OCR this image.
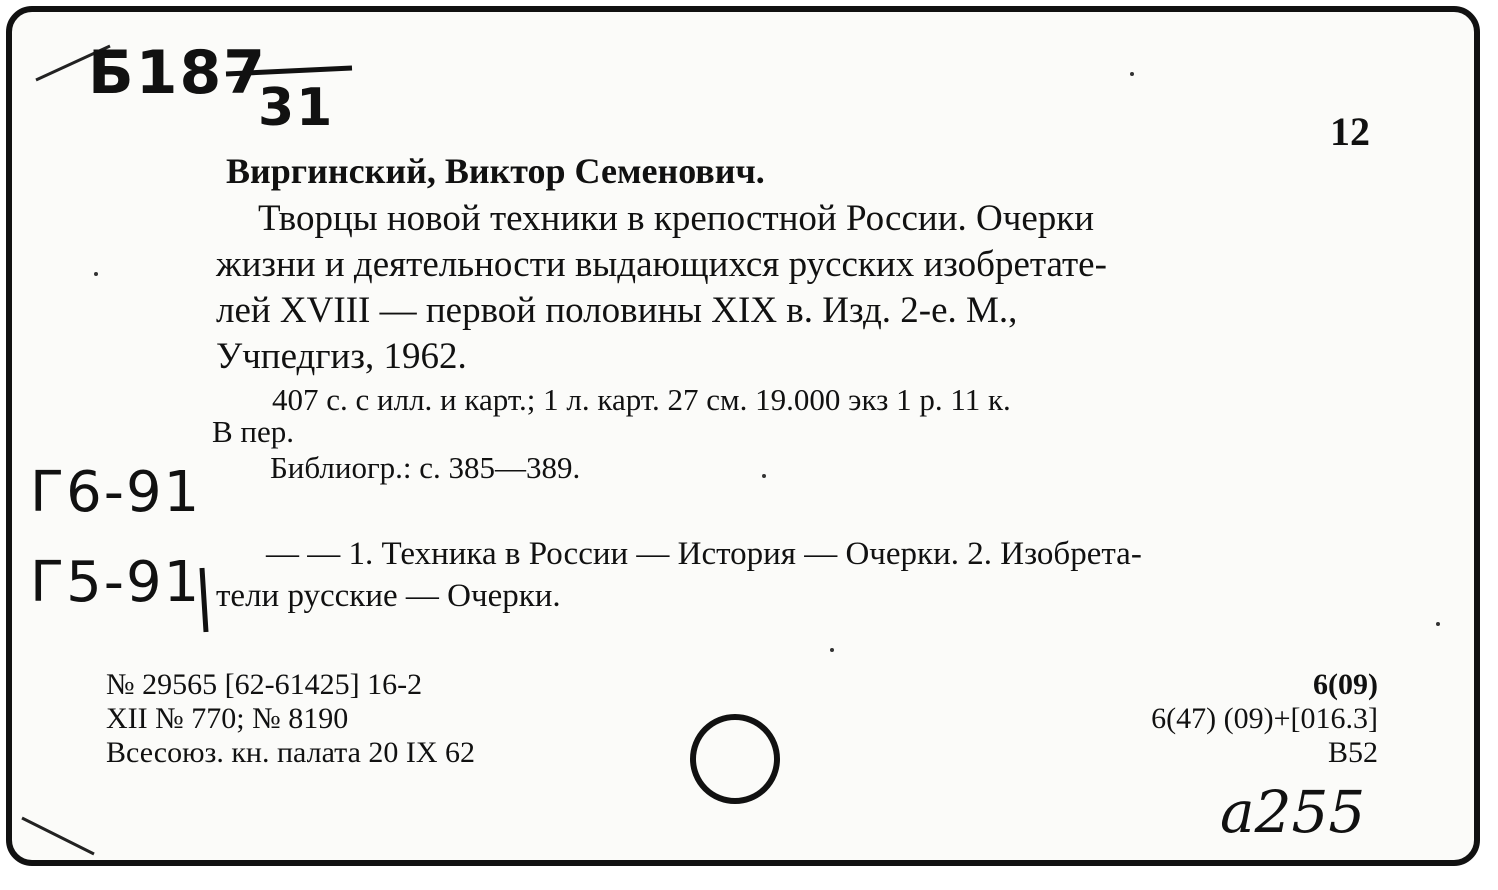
Б187
31	12
Виргинский, Виктор Семенович.
Творцы новой техники в крепостной России. Очерки
жизни и деятельности выдающихся русских изобретате-
лей XVIII — первой половины XIX в. Изд. 2-е. М.,
Учпедгиз, 1962.
407 с. с илл. и карт.; 1 л. карт. 27 см. 19.000 экз 1 р. 11 к.
В пер.
Библиогр.: с. 385—389.
Г6-91
Г5-91 — — 1. Техника в России — История — Очерки. 2. Изобрета-
тели русские — Очерки.
№ 29565 [62-61425] 16-2
XII № 770; № 8190
Всесоюз. кн. палата 20 IX 62
6(09)
6(47) (09)+[016.3]
В52
a255
